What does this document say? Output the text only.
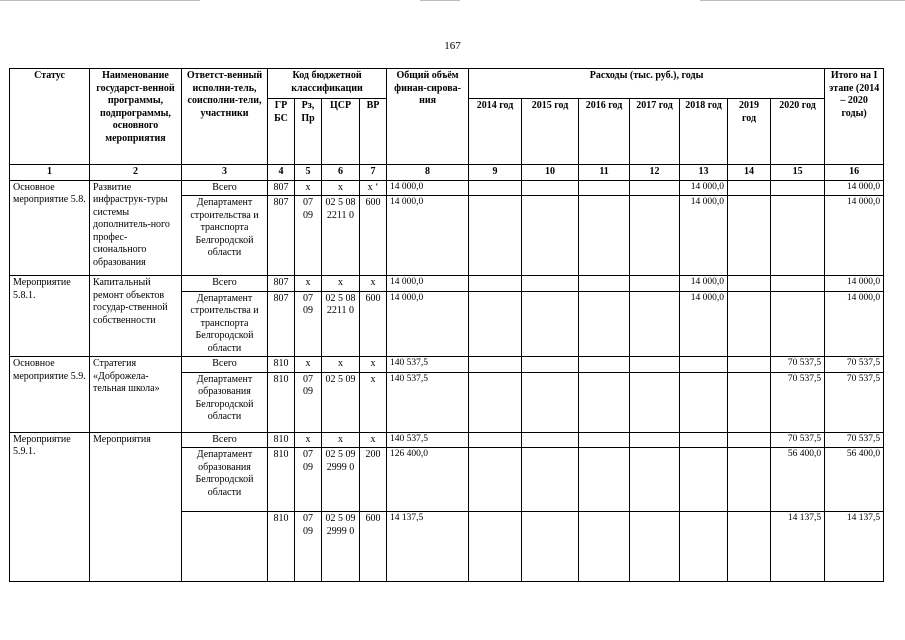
167
Статус	Наименование государст-венной программы, подпрограммы, основного мероприятия	Ответст-венный исполни-тель, соисполни-тели, участники	Код бюджетной классификации				Общий объём финан-сирова-ния	Расходы (тыс. руб.), годы							Итого на I этапе (2014 – 2020 годы)
			ГР БС	Рз, Пр	ЦСР	ВР		2014 год	2015 год	2016 год	2017 год	2018 год	2019 год	2020 год	
1	2	3	4	5	6	7	8	9	10	11	12	13	14	15	16
Основное мероприятие 5.8.	Развитие инфраструк-туры системы дополнитель-ного профес-сионального образования	Всего	807	х	х	х ‘	14 000,0					14 000,0			14 000,0
		Департамент строительства и транспорта Белгородской области	807	07 09	02 5 08 2211 0	600	14 000,0					14 000,0			14 000,0
Мероприятие 5.8.1.	Капитальный ремонт объектов государ-ственной собственности	Всего	807	х	х	х	14 000,0					14 000,0			14 000,0
		Департамент строительства и транспорта Белгородской области	807	07 09	02 5 08 2211 0	600	14 000,0					14 000,0			14 000,0
Основное мероприятие 5.9.	Стратегия «Доброжела-тельная школа»	Всего	810	х	х	х	140 537,5							70 537,5	70 537,5
		Департамент образования Белгородской области	810	07 09	02 5 09	х	140 537,5							70 537,5	70 537,5
Мероприятие 5.9.1.	Мероприятия	Всего	810	х	х	х	140 537,5							70 537,5	70 537,5
		Департамент образования Белгородской области	810	07 09	02 5 09 2999 0	200	126 400,0							56 400,0	56 400,0
			810	07 09	02 5 09 2999 0	600	14 137,5							14 137,5	14 137,5
